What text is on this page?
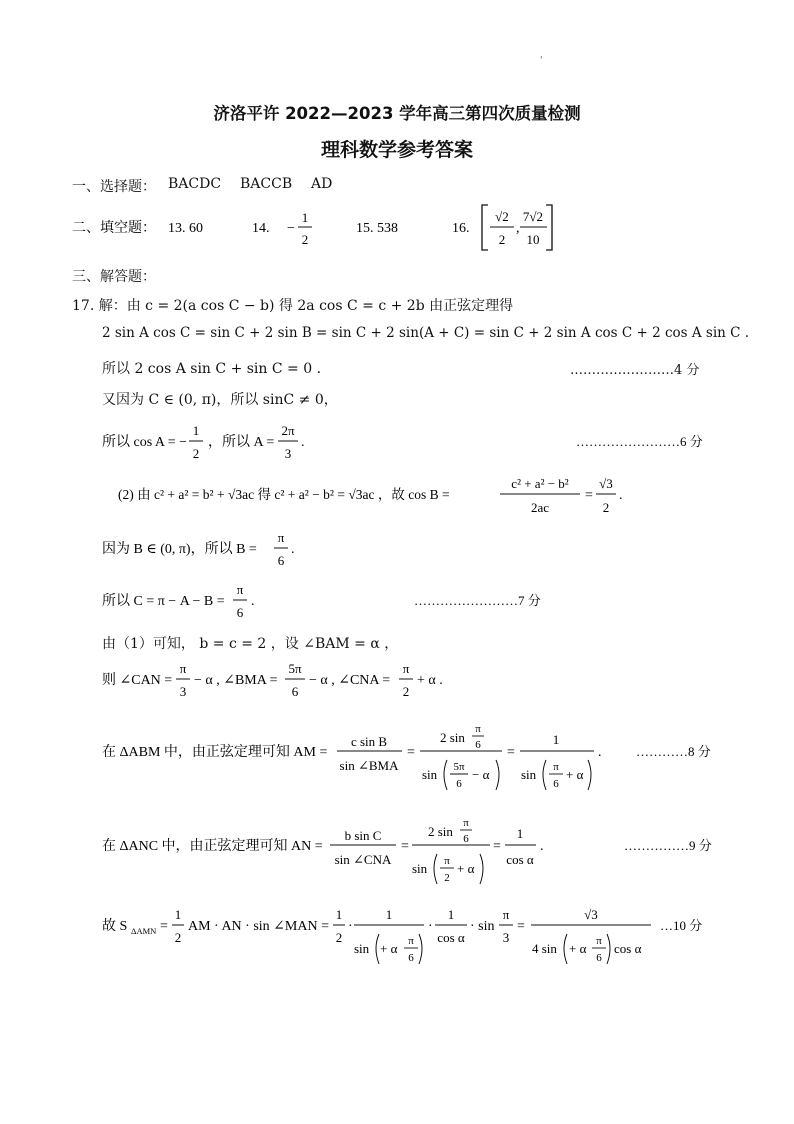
'
济洛平许 2022—2023 学年高三第四次质量检测
理科数学参考答案
一、选择题： BACDC BACCB AD
二、填空题： 13. 60	14. −
1
2
15. 538	16.
√2
2
,
7√2
10
三、解答题：
17. 解：由 c = 2(a cos C − b) 得 2a cos C = c + 2b 由正弦定理得
2 sin A cos C = sin C + 2 sin B = sin C + 2 sin(A + C) = sin C + 2 sin A cos C + 2 cos A sin C .
所以 2 cos A sin C + sin C = 0 .	……………………4 分
又因为 C ∈ (0, π)，所以 sinC ≠ 0，
所以 cos A = −
1
2
，所以 A =
2π
3
.	……………………6 分
(2) 由 c² + a² = b² + √3ac 得 c² + a² − b² = √3ac ，故 cos B =
c² + a² − b²
2ac
=
√3
2
.
因为 B ∈ (0, π)，所以 B =
π
6
.
所以 C = π − A − B =
π
6
.	……………………7 分
由（1）可知， b = c = 2 ，设 ∠BAM = α ，
则 ∠CAN =
π
3
− α , ∠BMA =
5π
6
− α , ∠CNA =
π
2
+ α .
在 ΔABM 中，由正弦定理可知 AM =
c sin B
sin ∠BMA
=
2 sin
π
6
sin 5π
6
− α
=
1
sin π
6
+ α
.	…………8 分
在 ΔANC 中，由正弦定理可知 AN =
b sin C
sin ∠CNA
=
2 sin
π
6
sin π
2
+ α
=
1
cos α
.	……………9 分
故 S ΔAMN =
1
2
AM · AN · sin ∠MAN =
1
2
·
1
sin + α π
6
·
1
cos α
· sin
π
3
=
√3
4 sin + α π
6
cos α
…10 分
